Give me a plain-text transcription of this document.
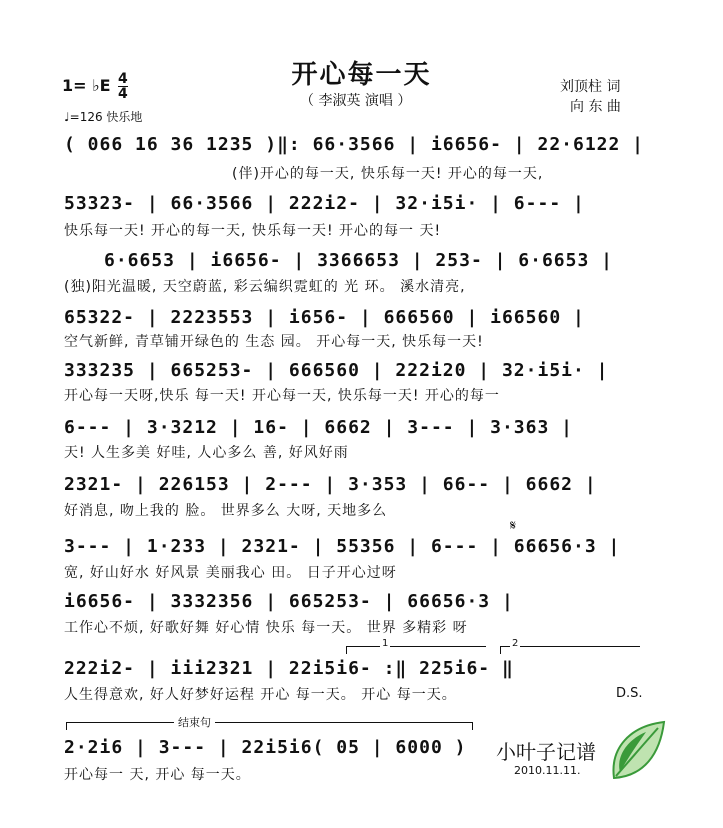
开心每一天
（ 李淑英 演唱 ）
刘顶柱 词
向 东 曲
1= ♭E $\frac{4}{4}$
♩=126 快乐地
( 066 16 36 1235 )‖: 66·3566 | i6656- | 22·6122 |
(伴)开心的每一天, 快乐每一天! 开心的每一天,
53323- | 66·3566 | 222i2- | 32·i5i· | 6--- |
快乐每一天! 开心的每一天, 快乐每一天! 开心的每一 天!
6·6653 | i6656- | 3366653 | 253- | 6·6653 |
(独)阳光温暖, 天空蔚蓝, 彩云编织霓虹的 光 环。 溪水清亮,
65322- | 2223553 | i656- | 666560 | i66560 |
空气新鲜, 青草铺开绿色的 生态 园。 开心每一天, 快乐每一天!
333235 | 665253- | 666560 | 222i20 | 32·i5i· |
开心每一天呀,快乐 每一天! 开心每一天, 快乐每一天! 开心的每一
6--- | 3·3212 | 16- | 6662 | 3--- | 3·363 |
天! 人生多美 好哇, 人心多么 善, 好风好雨
2321- | 226153 | 2--- | 3·353 | 66-- | 6662 |
好消息, 吻上我的 脸。 世界多么 大呀, 天地多么
𝄋
3--- | 1·233 | 2321- | 55356 | 6--- | 66656·3 |
宽, 好山好水 好风景 美丽我心 田。 日子开心过呀
i6656- | 3332356 | 665253- | 66656·3 |
工作心不烦, 好歌好舞 好心情 快乐 每一天。 世界 多精彩 呀
1	2
222i2- | iii2321 | 22i5i6- :‖ 225i6- ‖
人生得意欢, 好人好梦好运程 开心 每一天。 开心 每一天。	D.S.
结束句
2·2i6 | 3--- | 22i5i6( 05 | 6000 )
开心每一 天, 开心 每一天。
小叶子记谱
2010.11.11.
